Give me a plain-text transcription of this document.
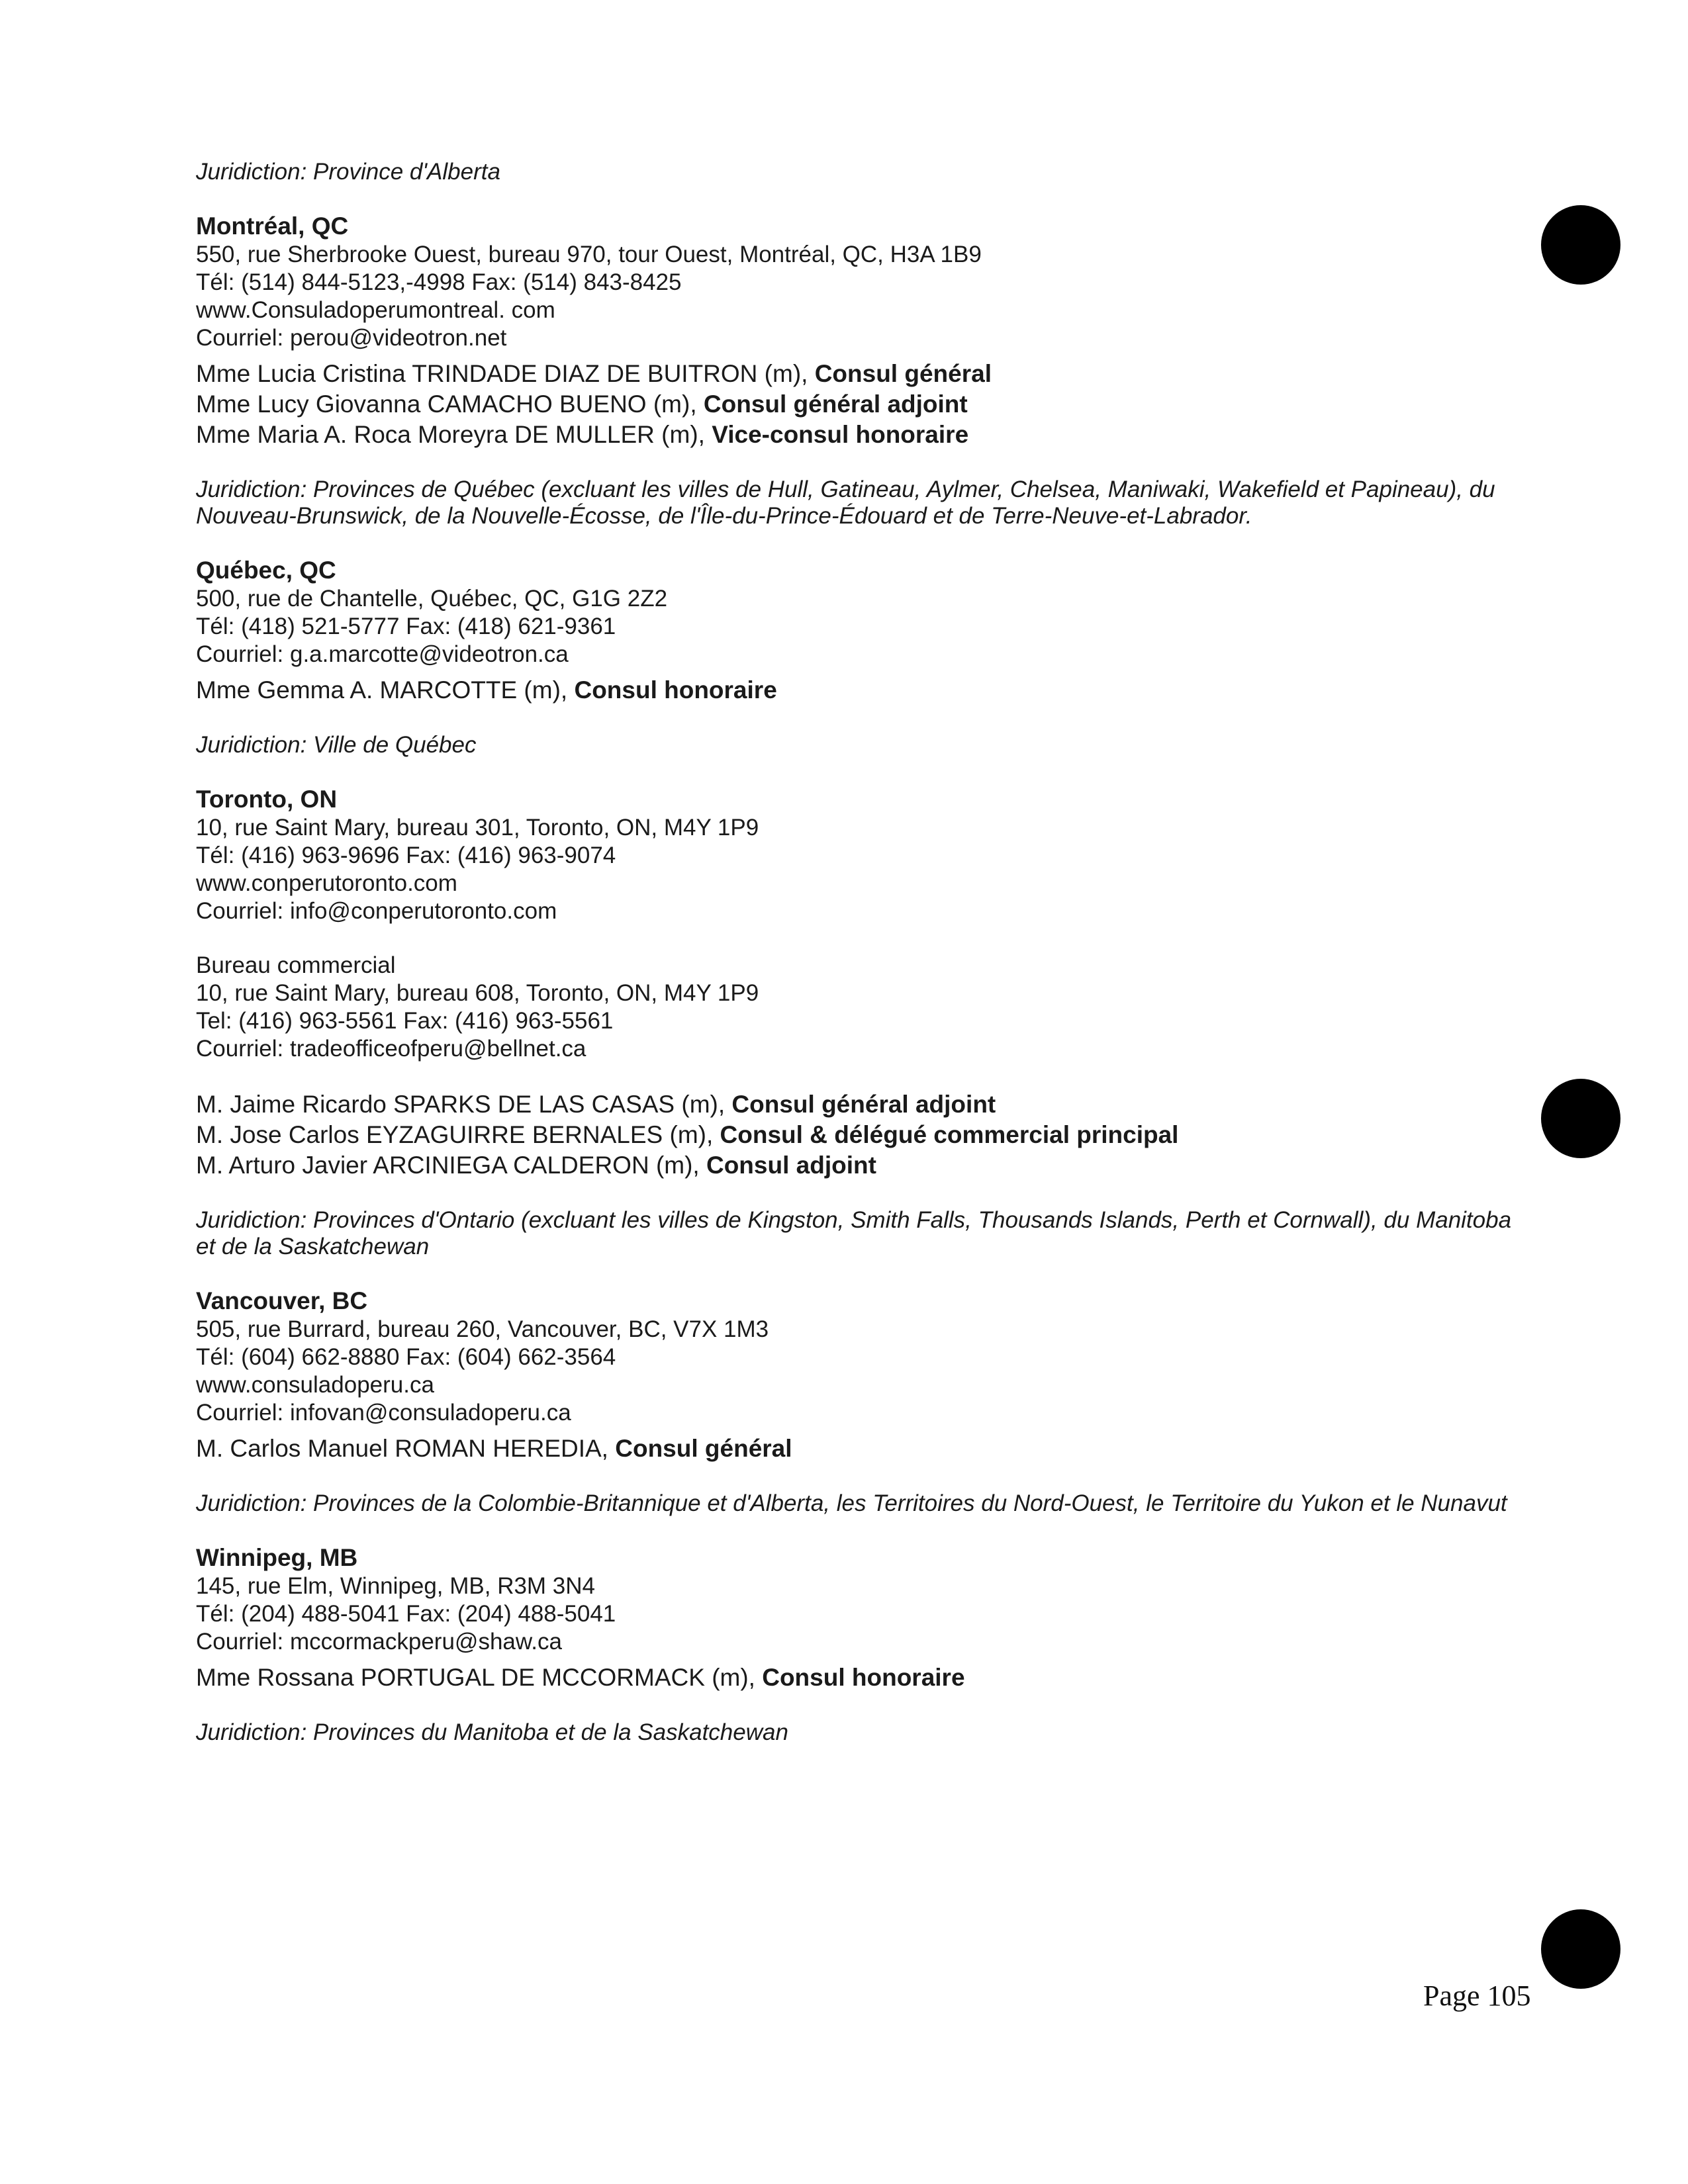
Juridiction: Province d'Alberta
Montréal, QC
550, rue Sherbrooke Ouest, bureau 970, tour Ouest, Montréal, QC, H3A 1B9
Tél: (514) 844-5123,-4998 Fax: (514) 843-8425
www.Consuladoperumontreal. com
Courriel: perou@videotron.net
Mme Lucia Cristina TRINDADE DIAZ DE BUITRON (m), Consul général
Mme Lucy Giovanna CAMACHO BUENO (m), Consul général adjoint
Mme Maria A. Roca Moreyra DE MULLER (m), Vice-consul honoraire
Juridiction: Provinces de Québec (excluant les villes de Hull, Gatineau, Aylmer, Chelsea, Maniwaki, Wakefield et Papineau), du Nouveau-Brunswick, de la Nouvelle-Écosse, de l'Île-du-Prince-Édouard et de Terre-Neuve-et-Labrador.
Québec, QC
500, rue de Chantelle, Québec, QC, G1G 2Z2
Tél: (418) 521-5777 Fax: (418) 621-9361
Courriel: g.a.marcotte@videotron.ca
Mme Gemma A. MARCOTTE (m), Consul honoraire
Juridiction: Ville de Québec
Toronto, ON
10, rue Saint Mary, bureau 301, Toronto, ON, M4Y 1P9
Tél: (416) 963-9696 Fax: (416) 963-9074
www.conperutoronto.com
Courriel: info@conperutoronto.com
Bureau commercial
10, rue Saint Mary, bureau 608, Toronto, ON, M4Y 1P9
Tel: (416) 963-5561 Fax: (416) 963-5561
Courriel: tradeofficeofperu@bellnet.ca
M. Jaime Ricardo SPARKS DE LAS CASAS (m), Consul général adjoint
M. Jose Carlos EYZAGUIRRE BERNALES (m), Consul & délégué commercial principal
M. Arturo Javier ARCINIEGA CALDERON (m), Consul adjoint
Juridiction: Provinces d'Ontario (excluant les villes de Kingston, Smith Falls, Thousands Islands, Perth et Cornwall), du Manitoba et de la Saskatchewan
Vancouver, BC
505, rue Burrard, bureau 260, Vancouver, BC, V7X 1M3
Tél: (604) 662-8880 Fax: (604) 662-3564
www.consuladoperu.ca
Courriel: infovan@consuladoperu.ca
M. Carlos Manuel ROMAN HEREDIA, Consul général
Juridiction: Provinces de la Colombie-Britannique et d'Alberta, les Territoires du Nord-Ouest, le Territoire du Yukon et le Nunavut
Winnipeg, MB
145, rue Elm, Winnipeg, MB, R3M 3N4
Tél: (204) 488-5041 Fax: (204) 488-5041
Courriel: mccormackperu@shaw.ca
Mme Rossana PORTUGAL DE MCCORMACK (m), Consul honoraire
Juridiction: Provinces du Manitoba et de la Saskatchewan
Page 105
